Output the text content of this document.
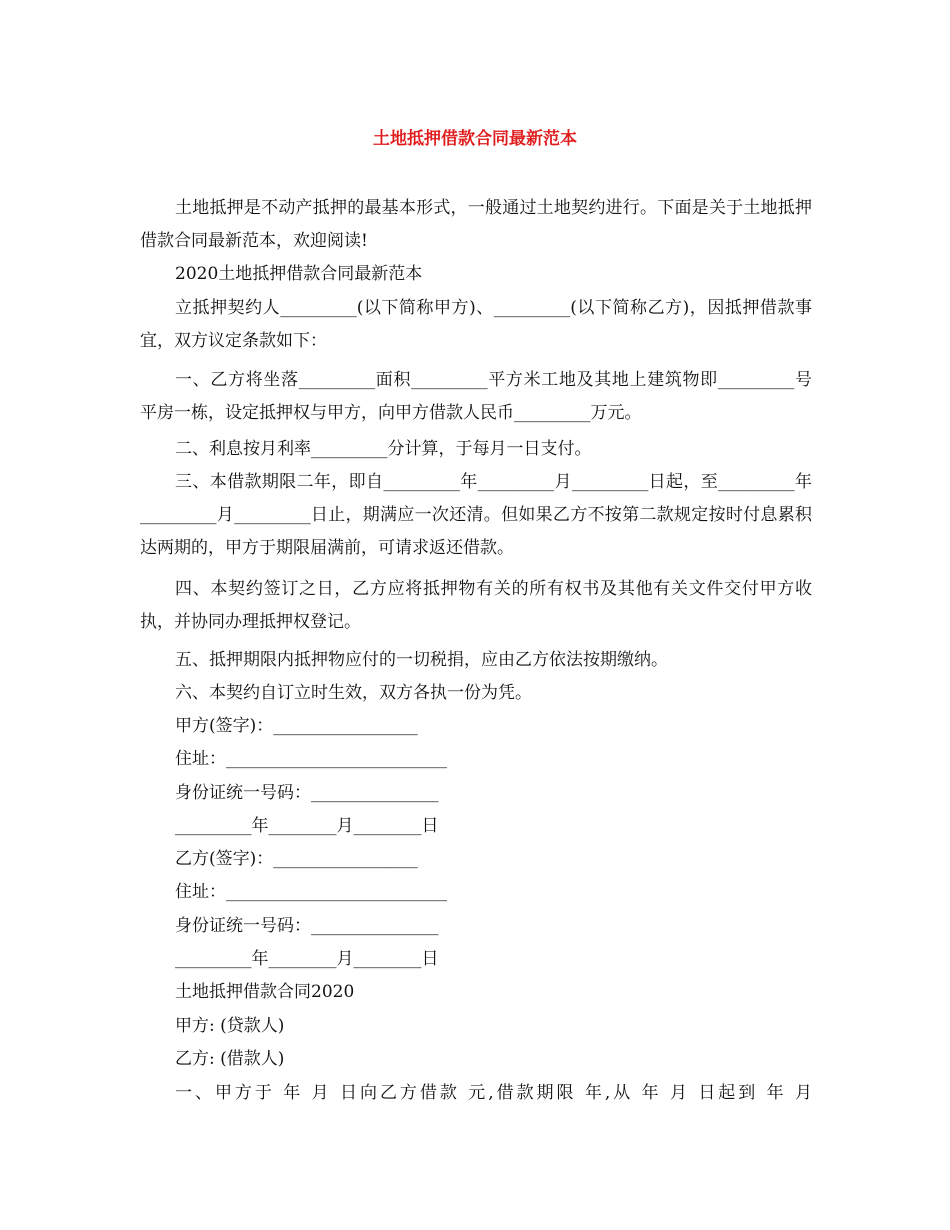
土地抵押借款合同最新范本
土地抵押是不动产抵押的最基本形式，一般通过土地契约进行。下面是关于土地抵押借款合同最新范本，欢迎阅读!
2020土地抵押借款合同最新范本
立抵押契约人_________(以下简称甲方)、_________(以下简称乙方)，因抵押借款事宜，双方议定条款如下：
一、乙方将坐落_________面积_________平方米工地及其地上建筑物即_________号平房一栋，设定抵押权与甲方，向甲方借款人民币_________万元。
二、利息按月利率_________分计算，于每月一日支付。
三、本借款期限二年，即自_________年_________月_________日起，至_________年_________月_________日止，期满应一次还清。但如果乙方不按第二款规定按时付息累积达两期的，甲方于期限届满前，可请求返还借款。
四、本契约签订之日，乙方应将抵押物有关的所有权书及其他有关文件交付甲方收执，并协同办理抵押权登记。
五、抵押期限内抵押物应付的一切税捐，应由乙方依法按期缴纳。
六、本契约自订立时生效，双方各执一份为凭。
甲方(签字)：_________________
住址：__________________________
身份证统一号码：_______________
_________年________月________日
乙方(签字)：_________________
住址：__________________________
身份证统一号码：_______________
_________年________月________日
土地抵押借款合同2020
甲方: (贷款人)
乙方: (借款人)
一、甲方于 年 月 日向乙方借款 元,借款期限 年,从 年 月 日起到 年 月
